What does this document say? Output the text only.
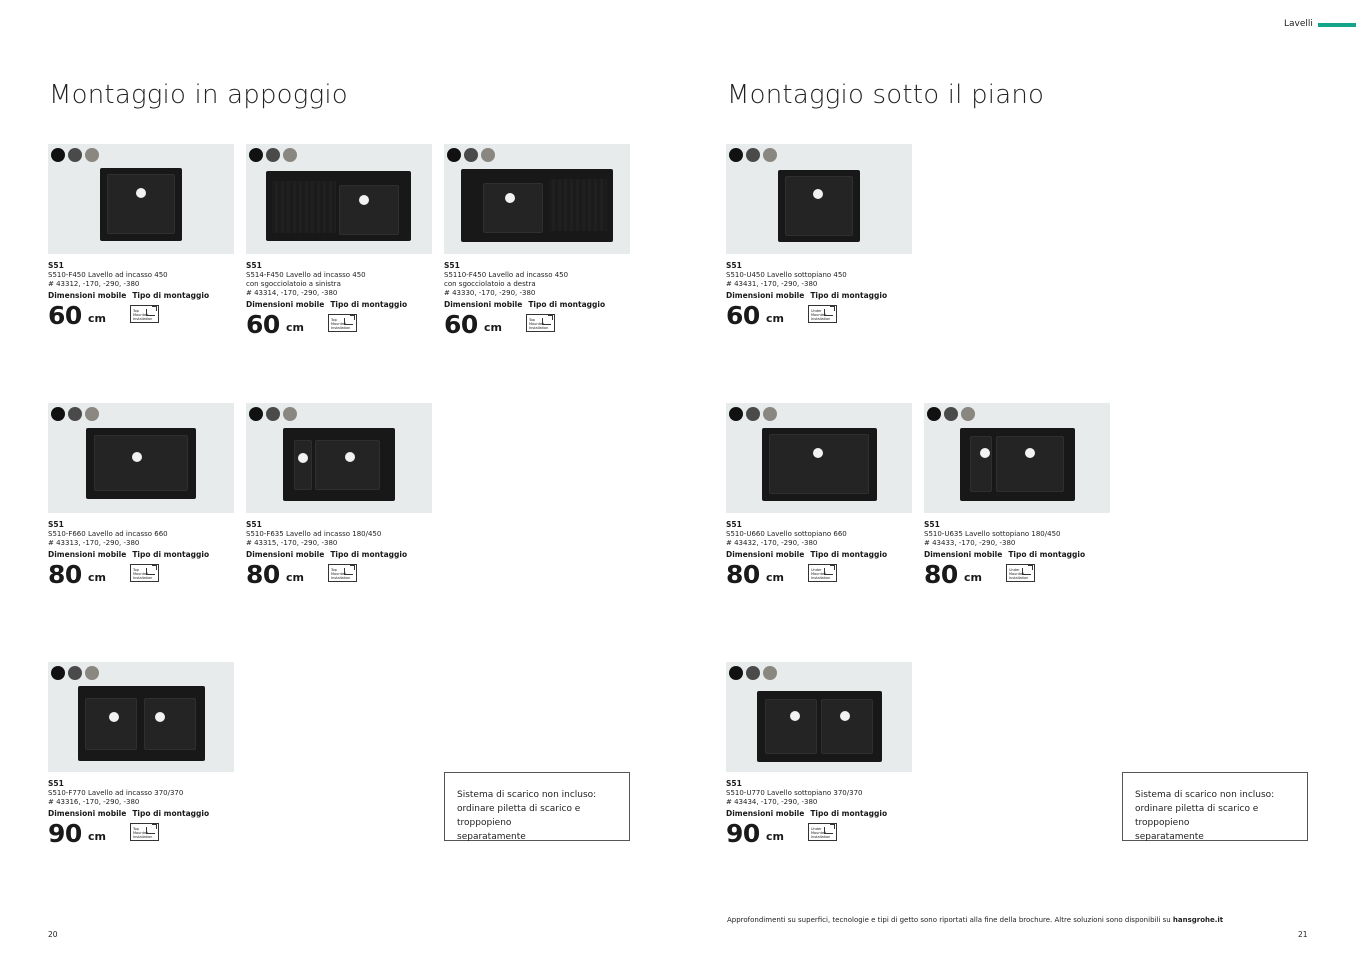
Lavelli
Montaggio in appoggio	Montaggio sotto il piano
S51
S510-F450 Lavello ad incasso 450
# 43312, -170, -290, -380
Dimensioni mobile Tipo di montaggio
60 cm
Top
Mounted
Installation
S51
S514-F450 Lavello ad incasso 450
con sgocciolatoio a sinistra
# 43314, -170, -290, -380
Dimensioni mobile Tipo di montaggio
60 cm
Top
Mounted
Installation
S51
S5110-F450 Lavello ad incasso 450
con sgocciolatoio a destra
# 43330, -170, -290, -380
Dimensioni mobile Tipo di montaggio
60 cm
Top
Mounted
Installation
S51
S510-U450 Lavello sottopiano 450
# 43431, -170, -290, -380
Dimensioni mobile Tipo di montaggio
60 cm
Under
Mounted
Installation
S51
S510-F660 Lavello ad incasso 660
# 43313, -170, -290, -380
Dimensioni mobile Tipo di montaggio
80 cm
Top
Mounted
Installation
S51
S510-F635 Lavello ad incasso 180/450
# 43315, -170, -290, -380
Dimensioni mobile Tipo di montaggio
80 cm
Top
Mounted
Installation
S51
S510-U660 Lavello sottopiano 660
# 43432, -170, -290, -380
Dimensioni mobile Tipo di montaggio
80 cm
Under
Mounted
Installation
S51
S510-U635 Lavello sottopiano 180/450
# 43433, -170, -290, -380
Dimensioni mobile Tipo di montaggio
80 cm
Under
Mounted
Installation
S51
S510-F770 Lavello ad incasso 370/370
# 43316, -170, -290, -380
Dimensioni mobile Tipo di montaggio
90 cm
Top
Mounted
Installation
S51
S510-U770 Lavello sottopiano 370/370
# 43434, -170, -290, -380
Dimensioni mobile Tipo di montaggio
90 cm
Under
Mounted
Installation
Sistema di scarico non incluso:
ordinare piletta di scarico e troppopieno
separatamente
Sistema di scarico non incluso:
ordinare piletta di scarico e troppopieno
separatamente
Approfondimenti su superfici, tecnologie e tipi di getto sono riportati alla fine della brochure. Altre soluzioni sono disponibili su hansgrohe.it
20	21
